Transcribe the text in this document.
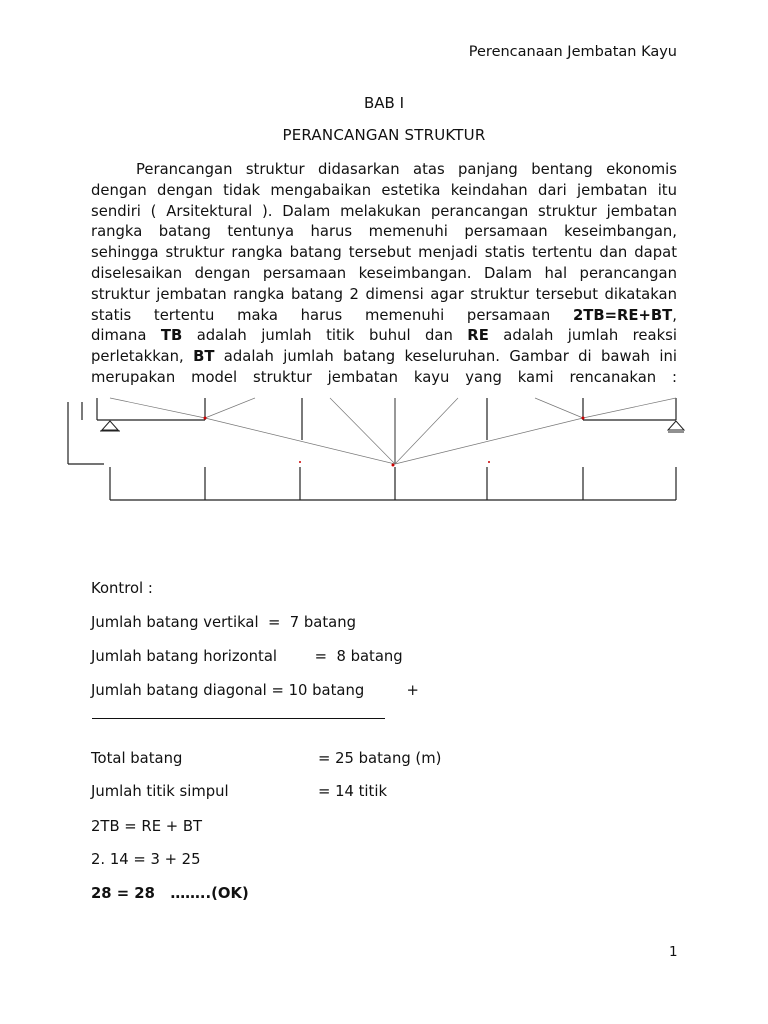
Perencanaan Jembatan Kayu
BAB I
PERANCANGAN STRUKTUR
Perancangan struktur didasarkan atas panjang bentang ekonomis
dengan dengan tidak mengabaikan estetika keindahan dari jembatan itu
sendiri ( Arsitektural ). Dalam melakukan perancangan struktur jembatan
rangka batang tentunya harus memenuhi persamaan keseimbangan,
sehingga struktur rangka batang tersebut menjadi statis tertentu dan dapat
diselesaikan dengan persamaan keseimbangan. Dalam hal perancangan
struktur jembatan rangka batang 2 dimensi agar struktur tersebut dikatakan
statis tertentu maka harus memenuhi persamaan 2TB=RE+BT,
dimana TB adalah jumlah titik buhul dan RE adalah jumlah reaksi
perletakkan, BT adalah jumlah batang keseluruhan. Gambar di bawah ini
merupakan model struktur jembatan kayu yang kami rencanakan :
Kontrol :
Jumlah batang vertikal  =  7 batang
Jumlah batang horizontal        =  8 batang
Jumlah batang diagonal = 10 batang         +
Total batang	= 25 batang (m)
Jumlah titik simpul	= 14 titik
2TB = RE + BT
2. 14 = 3 + 25
28 = 28   ……..(OK)
1
